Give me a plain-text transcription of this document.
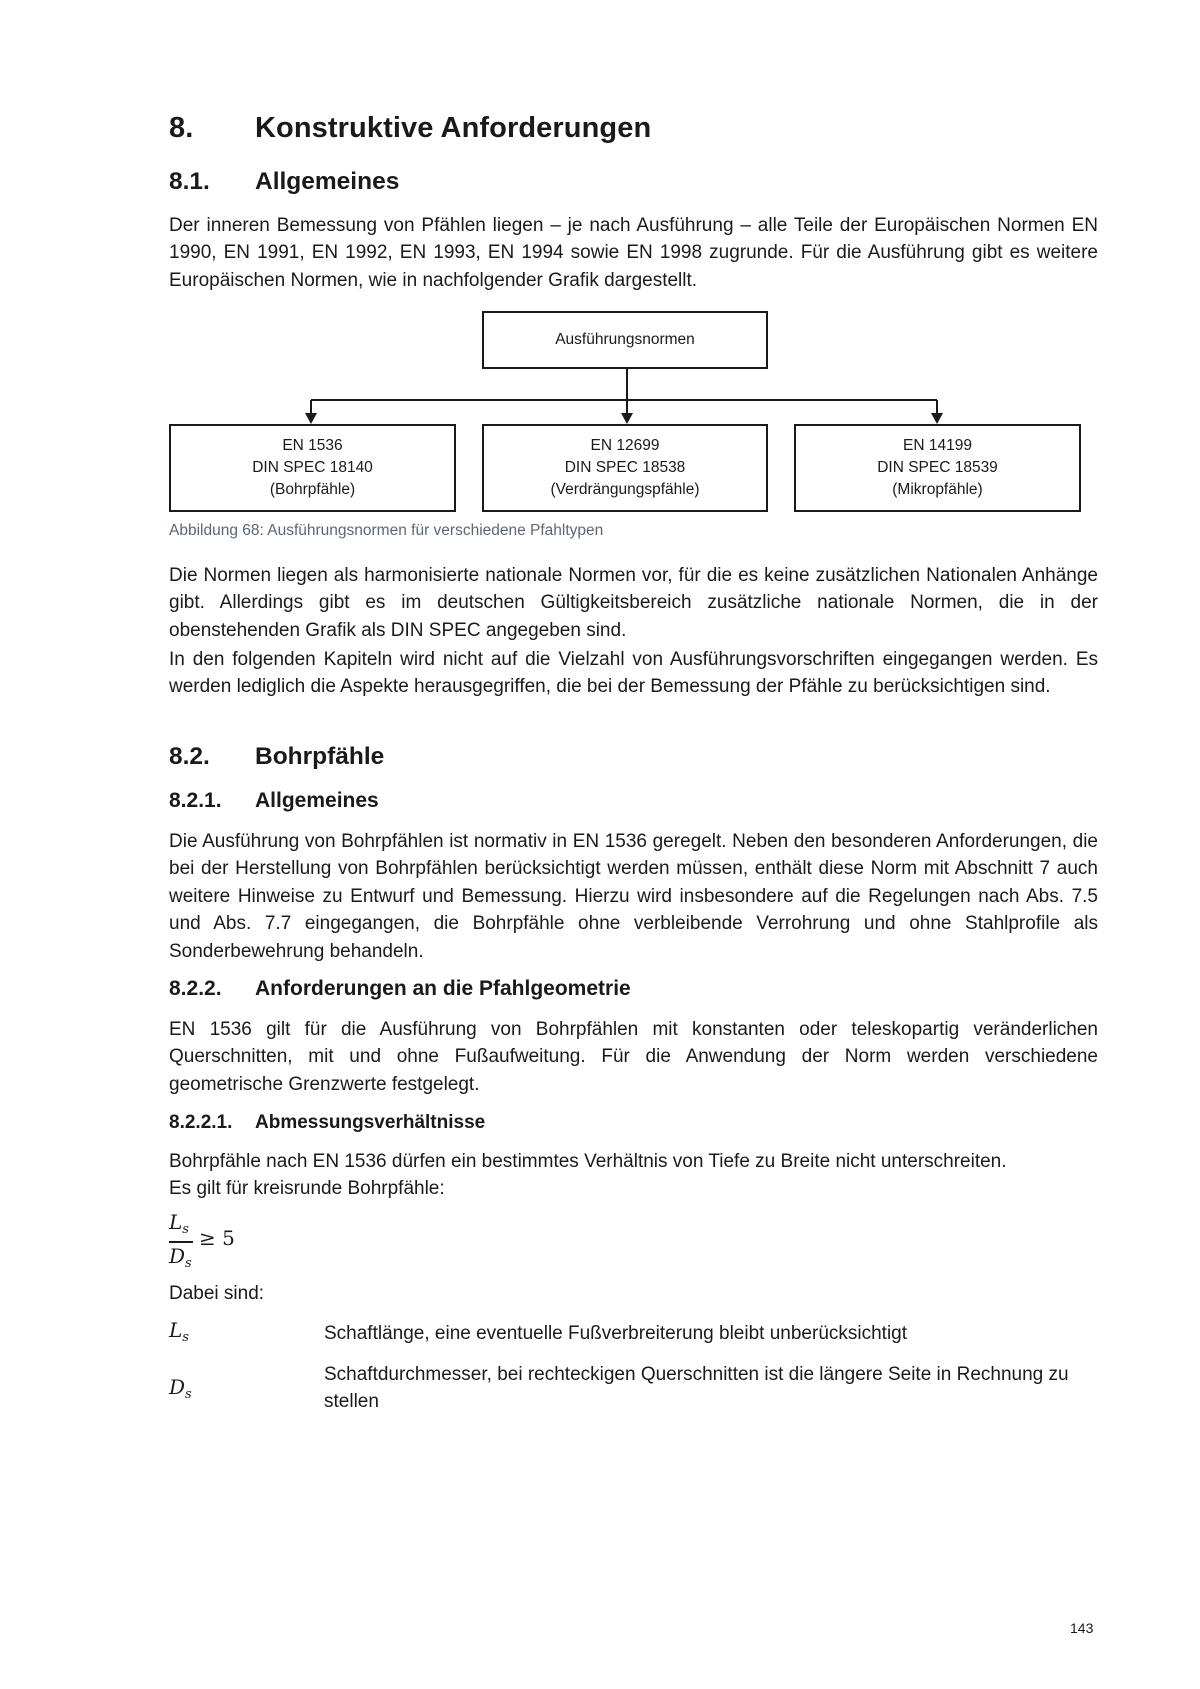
8. Konstruktive Anforderungen
8.1. Allgemeines

Der inneren Bemessung von Pfählen liegen – je nach Ausführung – alle Teile der Europäischen Normen EN 1990, EN 1991, EN 1992, EN 1993, EN 1994 sowie EN 1998 zugrunde. Für die Ausführung gibt es weitere Europäischen Normen, wie in nachfolgender Grafik dargestellt.

Ausführungsnormen
EN 1536
DIN SPEC 18140
(Bohrpfähle)
EN 12699
DIN SPEC 18538
(Verdrängungspfähle)
EN 14199
DIN SPEC 18539
(Mikropfähle)
Abbildung 68: Ausführungsnormen für verschiedene Pfahltypen

Die Normen liegen als harmonisierte nationale Normen vor, für die es keine zusätzlichen Nationalen Anhänge gibt. Allerdings gibt es im deutschen Gültigkeitsbereich zusätzliche nationale Normen, die in der obenstehenden Grafik als DIN SPEC angegeben sind.

In den folgenden Kapiteln wird nicht auf die Vielzahl von Ausführungsvorschriften eingegangen werden. Es werden lediglich die Aspekte herausgegriffen, die bei der Bemessung der Pfähle zu berücksichtigen sind.

8.2. Bohrpfähle
8.2.1. Allgemeines

Die Ausführung von Bohrpfählen ist normativ in EN 1536 geregelt. Neben den besonderen Anforderungen, die bei der Herstellung von Bohrpfählen berücksichtigt werden müssen, enthält diese Norm mit Abschnitt 7 auch weitere Hinweise zu Entwurf und Bemessung. Hierzu wird insbesondere auf die Regelungen nach Abs. 7.5 und Abs. 7.7 eingegangen, die Bohrpfähle ohne verbleibende Verrohrung und ohne Stahlprofile als Sonderbewehrung behandeln.

8.2.2. Anforderungen an die Pfahlgeometrie

EN 1536 gilt für die Ausführung von Bohrpfählen mit konstanten oder teleskopartig veränderlichen Querschnitten, mit und ohne Fußaufweitung. Für die Anwendung der Norm werden verschiedene geometrische Grenzwerte festgelegt.

8.2.2.1. Abmessungsverhältnisse

Bohrpfähle nach EN 1536 dürfen ein bestimmtes Verhältnis von Tiefe zu Breite nicht unterschreiten.

Es gilt für kreisrunde Bohrpfähle:

$L_s$
$D_s$
≥ 5

Dabei sind:

$L_s$	Schaftlänge, eine eventuelle Fußverbreiterung bleibt unberücksichtigt
$D_s$
Schaftdurchmesser, bei rechteckigen Querschnitten ist die längere Seite in Rechnung zu stellen
143
